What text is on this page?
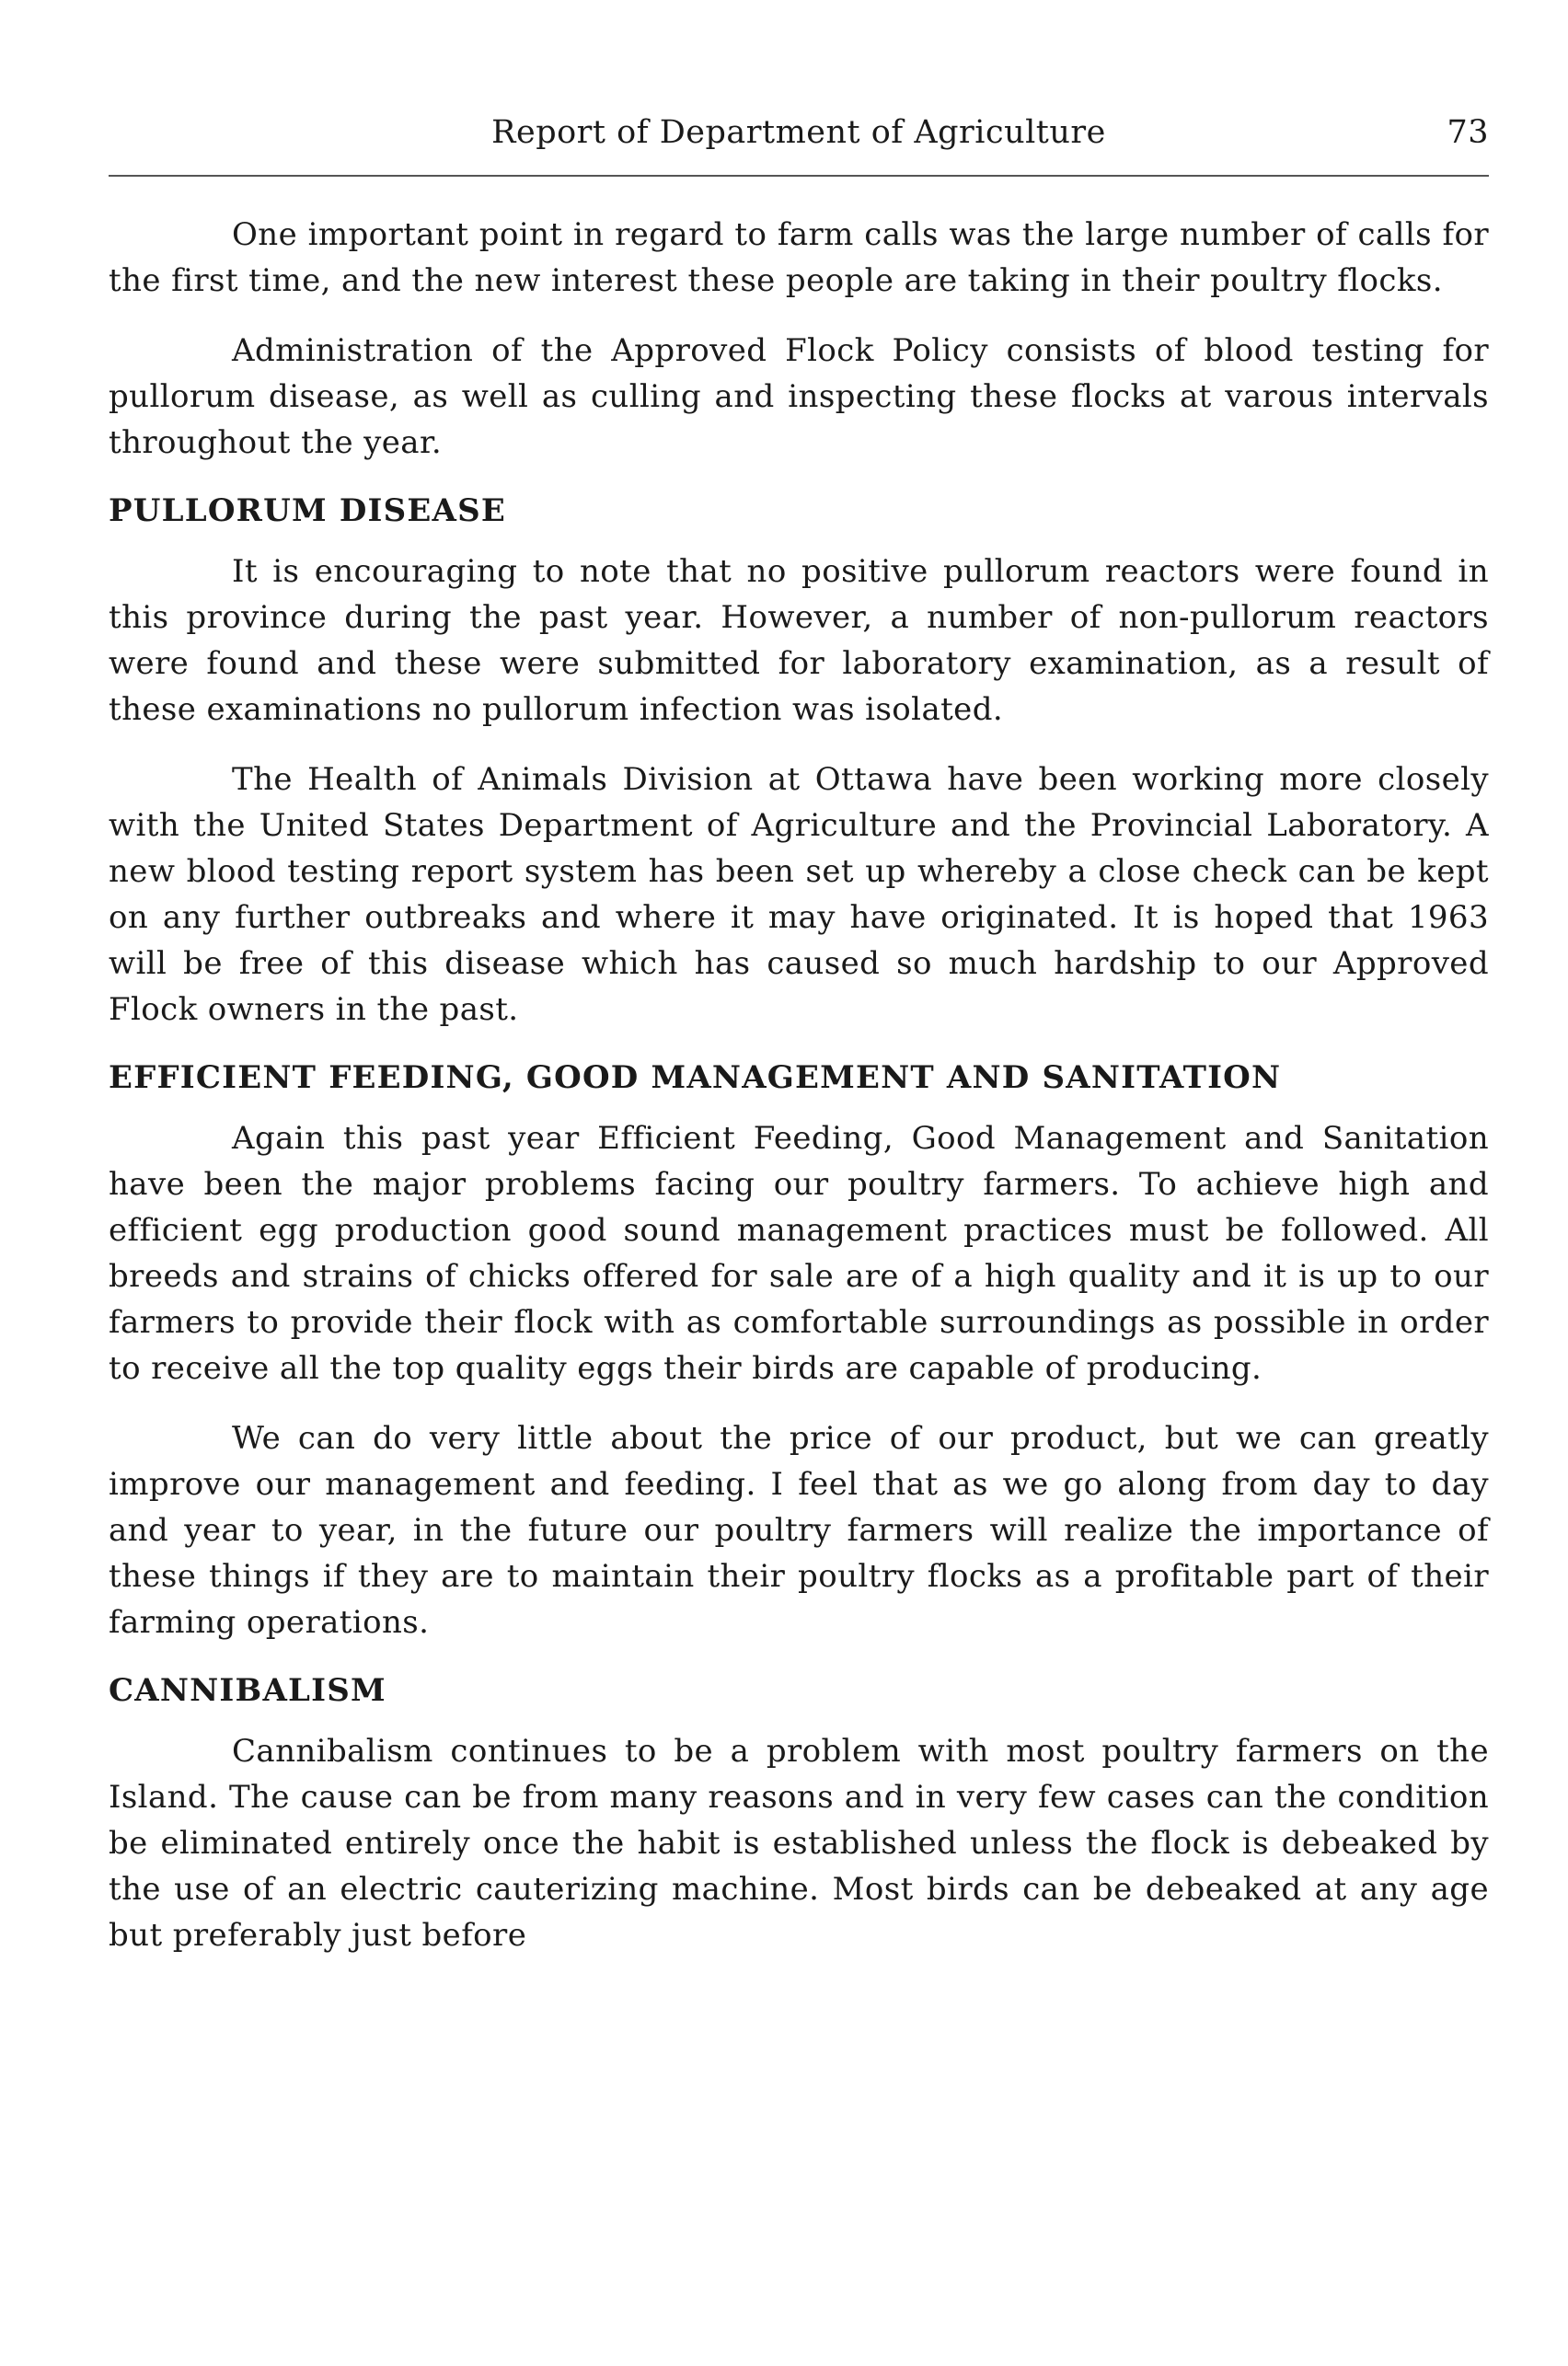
Report of Department of Agriculture	73

One important point in regard to farm calls was the large number of calls for the first time, and the new interest these people are taking in their poultry flocks.

Administration of the Approved Flock Policy consists of blood testing for pullorum disease, as well as culling and inspecting these flocks at varous intervals throughout the year.

PULLORUM DISEASE

It is encouraging to note that no positive pullorum reactors were found in this province during the past year. However, a number of non-pullorum reactors were found and these were submitted for laboratory examination, as a result of these examinations no pullorum infection was isolated.

The Health of Animals Division at Ottawa have been working more closely with the United States Department of Agriculture and the Provincial Laboratory. A new blood testing report system has been set up whereby a close check can be kept on any further outbreaks and where it may have originated. It is hoped that 1963 will be free of this disease which has caused so much hardship to our Approved Flock owners in the past.

EFFICIENT FEEDING, GOOD MANAGEMENT AND SANITATION

Again this past year Efficient Feeding, Good Management and Sanitation have been the major problems facing our poultry farmers. To achieve high and efficient egg production good sound management practices must be followed. All breeds and strains of chicks offered for sale are of a high quality and it is up to our farmers to provide their flock with as comfortable surroundings as possible in order to receive all the top quality eggs their birds are capable of producing.

We can do very little about the price of our product, but we can greatly improve our management and feeding. I feel that as we go along from day to day and year to year, in the future our poultry farmers will realize the importance of these things if they are to maintain their poultry flocks as a profitable part of their farming operations.

CANNIBALISM

Cannibalism continues to be a problem with most poultry farmers on the Island. The cause can be from many reasons and in very few cases can the condition be eliminated entirely once the habit is established unless the flock is debeaked by the use of an electric cauterizing machine. Most birds can be debeaked at any age but preferably just before
